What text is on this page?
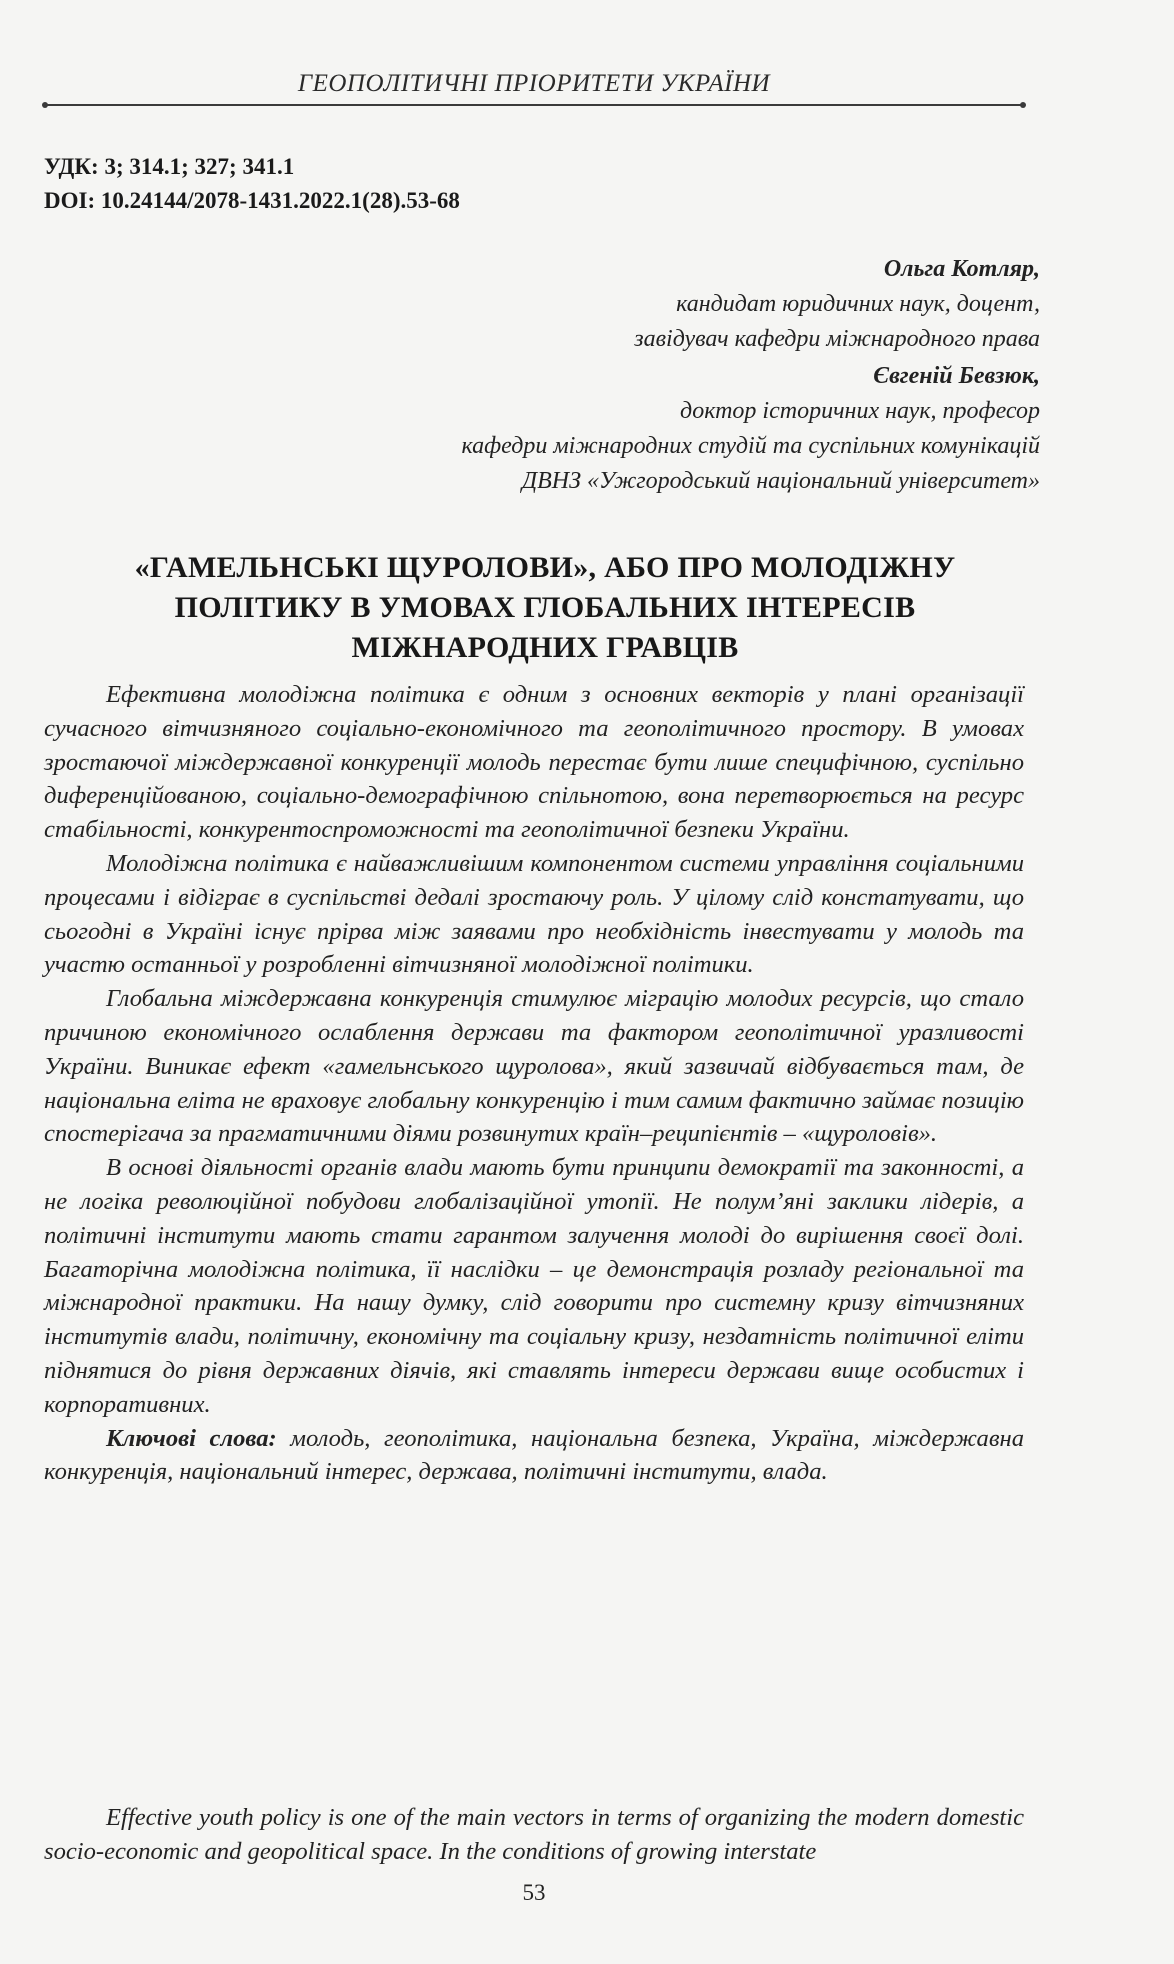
ГЕОПОЛІТИЧНІ ПРІОРИТЕТИ УКРАЇНИ
УДК: 3; 314.1; 327; 341.1
DOI: 10.24144/2078-1431.2022.1(28).53-68
Ольга Котляр,
кандидат юридичних наук, доцент,
завідувач кафедри міжнародного права
Євгеній Бевзюк,
доктор історичних наук, професор
кафедри міжнародних студій та суспільних комунікацій
ДВНЗ «Ужгородський національний університет»
«ГАМЕЛЬНСЬКІ ЩУРОЛОВИ», АБО ПРО МОЛОДІЖНУ
ПОЛІТИКУ В УМОВАХ ГЛОБАЛЬНИХ ІНТЕРЕСІВ
МІЖНАРОДНИХ ГРАВЦІВ

Ефективна молодіжна політика є одним з основних векторів у плані організації сучасного вітчизняного соціально-економічного та геополітичного простору. В умовах зростаючої міждержавної конкуренції молодь перестає бути лише специфічною, суспільно диференційованою, соціально-демографічною спільнотою, вона перетворюється на ресурс стабільності, конкурентоспроможності та геополітичної безпеки України.

Молодіжна політика є найважливішим компонентом системи управління соціальними процесами і відіграє в суспільстві дедалі зростаючу роль. У цілому слід констатувати, що сьогодні в Україні існує прірва між заявами про необхідність інвестувати у молодь та участю останньої у розробленні вітчизняної молодіжної політики.

Глобальна міждержавна конкуренція стимулює міграцію молодих ресурсів, що стало причиною економічного ослаблення держави та фактором геополітичної уразливості України. Виникає ефект «гамельнського щуролова», який зазвичай відбувається там, де національна еліта не враховує глобальну конкуренцію і тим самим фактично займає позицію спостерігача за прагматичними діями розвинутих країн–реципієнтів – «щуроловів».

В основі діяльності органів влади мають бути принципи демократії та законності, а не логіка революційної побудови глобалізаційної утопії. Не полум’яні заклики лідерів, а політичні інститути мають стати гарантом залучення молоді до вирішення своєї долі. Багаторічна молодіжна політика, її наслідки – це демонстрація розладу регіональної та міжнародної практики. На нашу думку, слід говорити про системну кризу вітчизняних інститутів влади, політичну, економічну та соціальну кризу, нездатність політичної еліти піднятися до рівня державних діячів, які ставлять інтереси держави вище особистих і корпоративних.

Ключові слова: молодь, геополітика, національна безпека, Україна, міждержавна конкуренція, національний інтерес, держава, політичні інститути, влада.

Effective youth policy is one of the main vectors in terms of organizing the modern domestic socio-economic and geopolitical space. In the conditions of growing interstate

53
